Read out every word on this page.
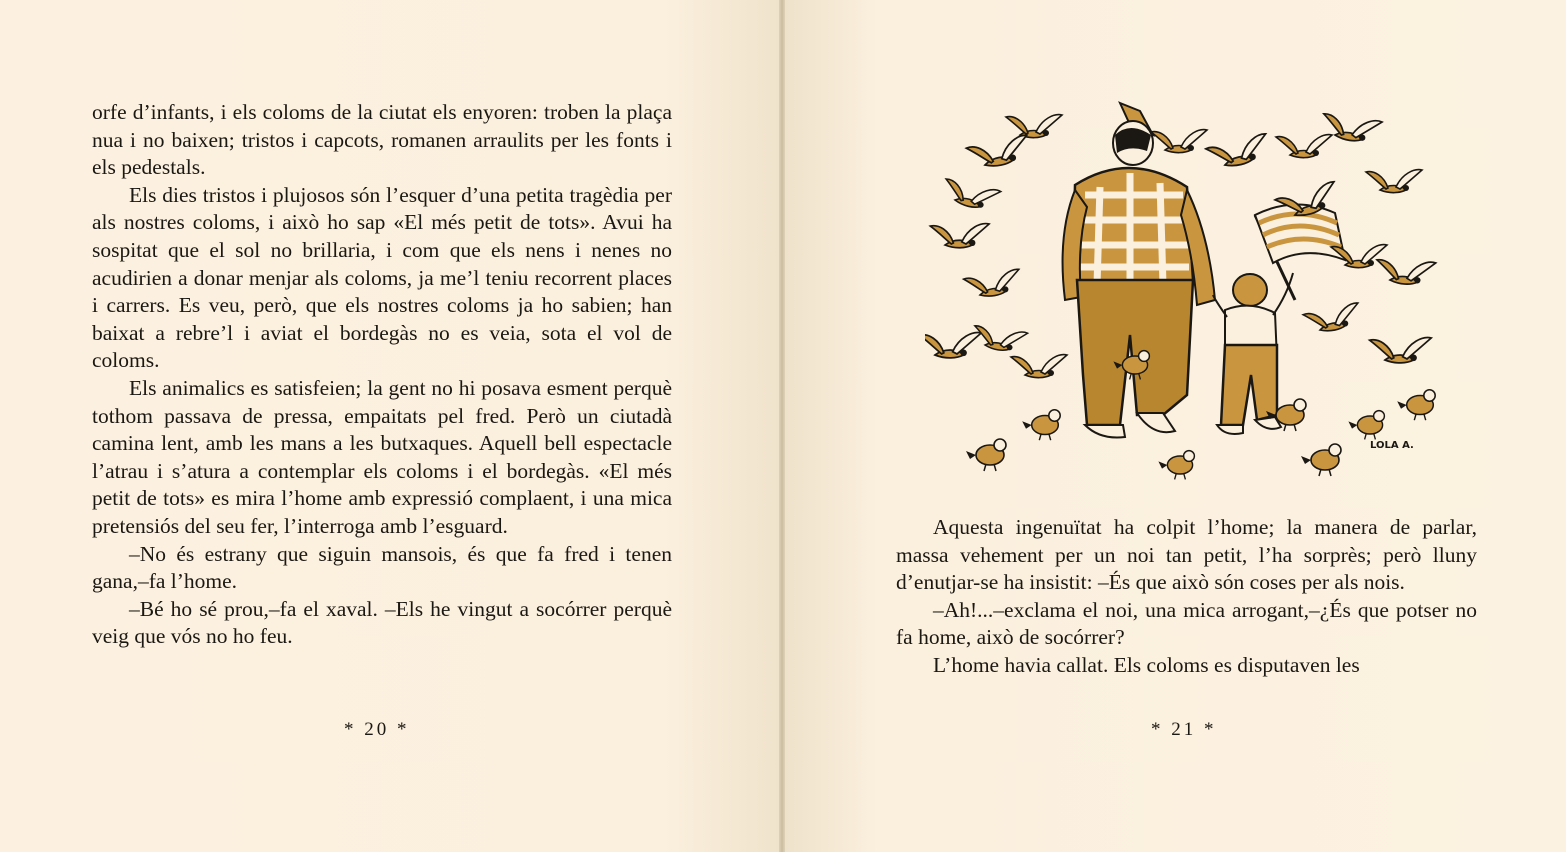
orfe d’infants, i els coloms de la ciutat els enyoren: troben la plaça nua i no baixen; tristos i capcots, romanen arraulits per les fonts i els pedestals.

Els dies tristos i plujosos són l’esquer d’una petita tragèdia per als nostres coloms, i això ho sap «El més petit de tots». Avui ha sospitat que el sol no brillaria, i com que els nens i nenes no acudirien a donar menjar als coloms, ja me’l teniu recorrent places i carrers. Es veu, però, que els nostres coloms ja ho sabien; han baixat a rebre’l i aviat el bordegàs no es veia, sota el vol de coloms.

Els animalics es satisfeien; la gent no hi posava esment perquè tothom passava de pressa, empaitats pel fred. Però un ciutadà camina lent, amb les mans a les butxaques. Aquell bell espectacle l’atrau i s’atura a contemplar els coloms i el bordegàs. «El més petit de tots» es mira l’home amb expressió complaent, i una mica pretensiós del seu fer, l’interroga amb l’esguard.

–No és estrany que siguin mansois, és que fa fred i tenen gana,–fa l’home.

–Bé ho sé prou,–fa el xaval. –Els he vingut a socórrer perquè veig que vós no ho feu.

* 20 *
LOLA A.

Aquesta ingenuïtat ha colpit l’home; la manera de parlar, massa vehement per un noi tan petit, l’ha sorprès; però lluny d’enutjar-se ha insistit: –És que això són coses per als nois.

–Ah!...–exclama el noi, una mica arrogant,–¿És que potser no fa home, això de socórrer?

L’home havia callat. Els coloms es disputaven les

* 21 *
